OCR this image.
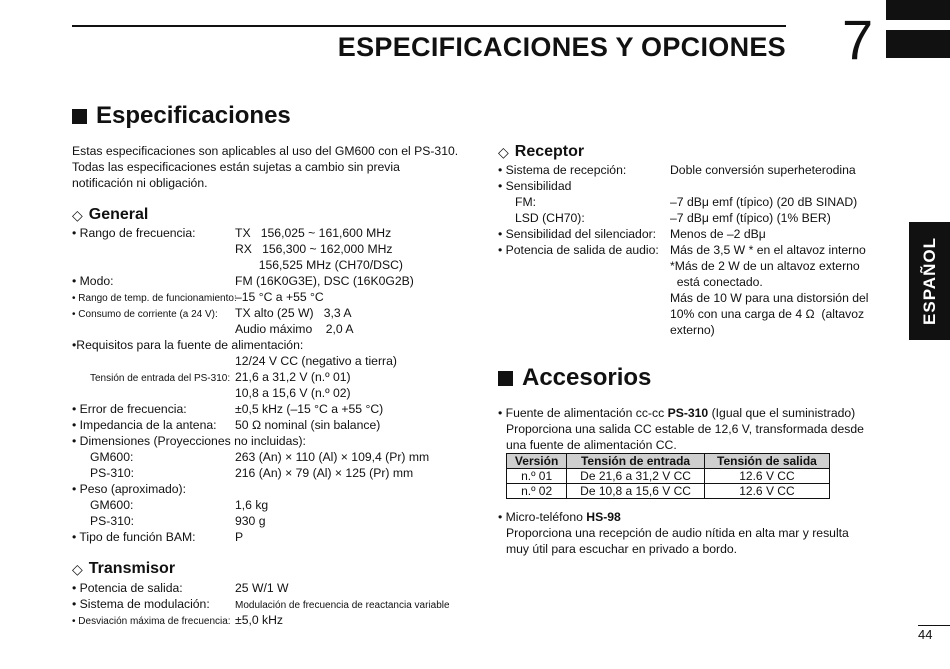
ESPECIFICACIONES Y OPCIONES 7
ESPAÑOL
Especificaciones
Estas especificaciones son aplicables al uso del GM600 con el PS-310. Todas las especificaciones están sujetas a cambio sin previa notificación ni obligación.
◇ General
• Rango de frecuencia:	TX   156,025 ~ 161,600 MHz
RX   156,300 ~ 162,000 MHz
156,525 MHz (CH70/DSC)
• Modo:	FM (16K0G3E), DSC (16K0G2B)
• Rango de temp. de funcionamiento:
–15 °C a +55 °C
• Consumo de corriente (a 24 V): TX alto (25 W)   3,3 A
Audio máximo    2,0 A
•Requisitos para la fuente de alimentación:
12/24 V CC (negativo a tierra)
Tensión de entrada del PS-310: 21,6 a 31,2 V (n.º 01)
10,8 a 15,6 V (n.º 02)
• Error de frecuencia:	±0,5 kHz (–15 °C a +55 °C)
• Impedancia de la antena: 50 Ω nominal (sin balance)
• Dimensiones (Proyecciones no incluidas):
GM600:	263 (An) × 110 (Al) × 109,4 (Pr) mm
PS-310:	216 (An) × 79 (Al) × 125 (Pr) mm
• Peso (aproximado):
GM600:	1,6 kg
PS-310:	930 g
• Tipo de función BAM:	P
◇ Transmisor
• Potencia de salida:	25 W/1 W
• Sistema de modulación:	Modulación de frecuencia de reactancia variable
• Desviación máxima de frecuencia: ±5,0 kHz
◇ Receptor
• Sistema de recepción:	Doble conversión superheterodina
• Sensibilidad
FM:	–7 dBμ emf (típico) (20 dB SINAD)
LSD (CH70):	–7 dBμ emf (típico) (1% BER)
• Sensibilidad del silenciador: Menos de –2 dBμ
• Potencia de salida de audio: Más de 3,5 W * en el altavoz interno
*Más de 2 W de un altavoz externo
está conectado.
Más de 10 W para una distorsión del
10% con una carga de 4 Ω  (altavoz
externo)
Accesorios
• Fuente de alimentación cc-cc PS-310 (Igual que el suministrado)
Proporciona una salida CC estable de 12,6 V, transformada desde
una fuente de alimentación CC.
Versión	Tensión de entrada	Tensión de salida
n.º 01	De 21,6 a 31,2 V CC	12.6 V CC
n.º 02	De 10,8 a 15,6 V CC	12.6 V CC
• Micro-teléfono HS-98
Proporciona una recepción de audio nítida en alta mar y resulta
muy útil para escuchar en privado a bordo.
44
